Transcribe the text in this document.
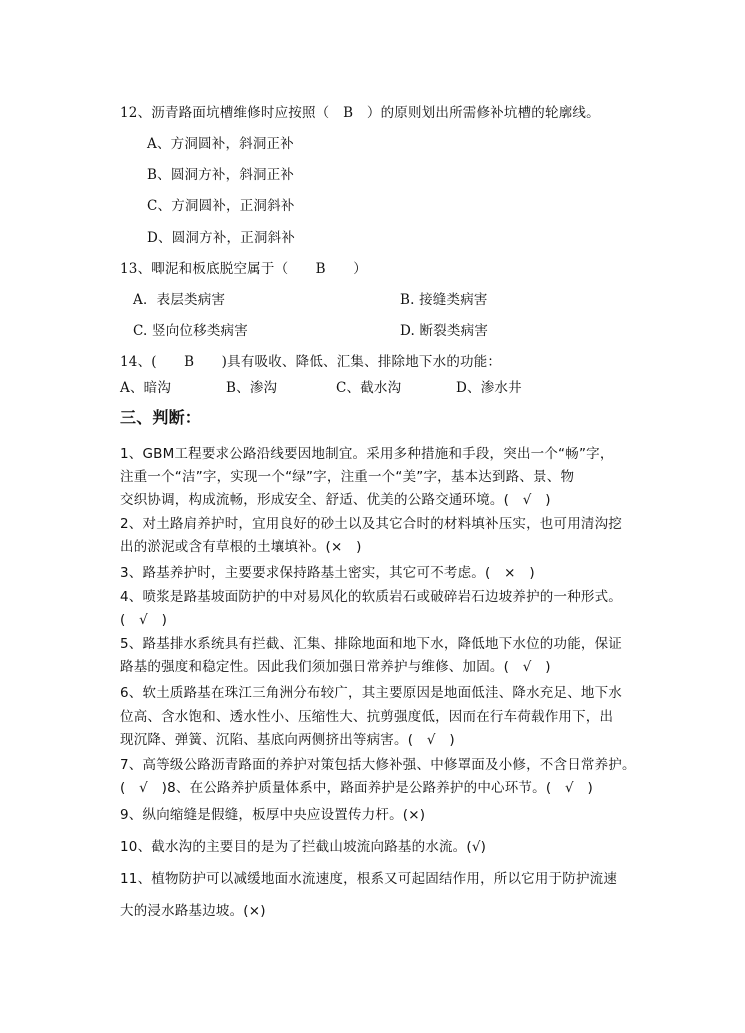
12、沥青路面坑槽维修时应按照（　B　）的原则划出所需修补坑槽的轮廓线。
A、方洞圆补，斜洞正补
B、圆洞方补，斜洞正补
C、方洞圆补，正洞斜补
D、圆洞方补，正洞斜补
13、唧泥和板底脱空属于（　　B　　）
A．表层类病害	B. 接缝类病害
C. 竖向位移类病害	D. 断裂类病害
14、(　　B　　)具有吸收、降低、汇集、排除地下水的功能：
A、暗沟	B、渗沟	C、截水沟	D、渗水井
三、判断：
1、GBM工程要求公路沿线要因地制宜。采用多种措施和手段，突出一个“畅”字，
注重一个“洁”字，实现一个“绿”字，注重一个“美”字，基本达到路、景、物
交织协调，构成流畅，形成安全、舒适、优美的公路交通环境。(　√　)
2、对土路肩养护时，宜用良好的砂土以及其它合时的材料填补压实，也可用清沟挖
出的淤泥或含有草根的土壤填补。(×　)
3、路基养护时，主要要求保持路基土密实，其它可不考虑。(　×　)
4、喷浆是路基坡面防护的中对易风化的软质岩石或破碎岩石边坡养护的一种形式。
(　√　)
5、路基排水系统具有拦截、汇集、排除地面和地下水，降低地下水位的功能，保证
路基的强度和稳定性。因此我们须加强日常养护与维修、加固。(　√　)
6、软土质路基在珠江三角洲分布较广，其主要原因是地面低洼、降水充足、地下水
位高、含水饱和、透水性小、压缩性大、抗剪强度低，因而在行车荷载作用下，出
现沉降、弹簧、沉陷、基底向两侧挤出等病害。(　√　)
7、高等级公路沥青路面的养护对策包括大修补强、中修罩面及小修，不含日常养护。
(　√　)8、在公路养护质量体系中，路面养护是公路养护的中心环节。(　√　)
9、纵向缩缝是假缝，板厚中央应设置传力杆。(×)
10、截水沟的主要目的是为了拦截山坡流向路基的水流。(√)
11、植物防护可以减缓地面水流速度，根系又可起固结作用，所以它用于防护流速
大的浸水路基边坡。(×)
